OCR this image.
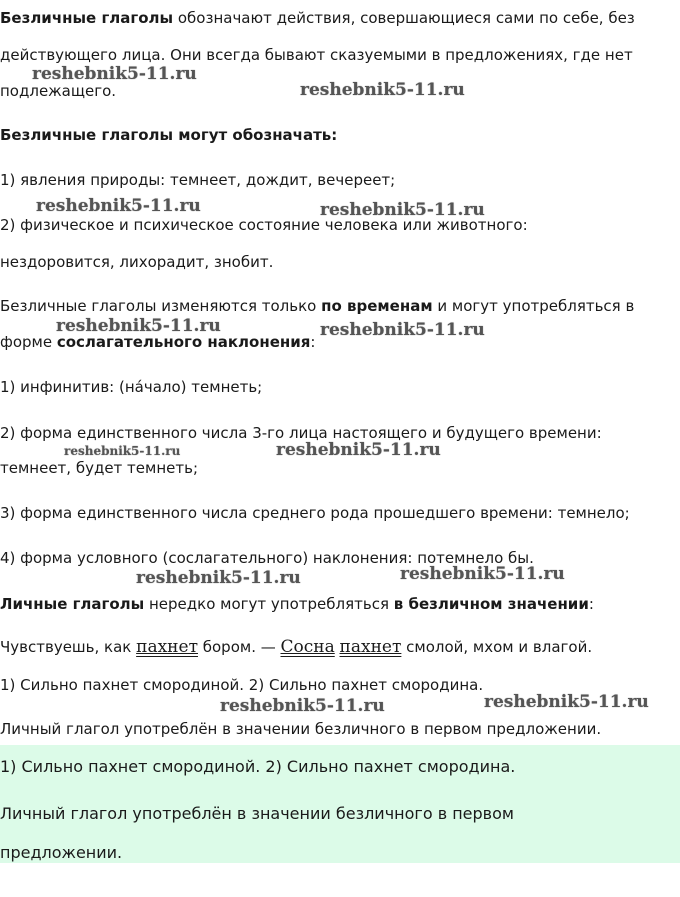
Безличные глаголы обозначают действия, совершающиеся сами по себе, без
действующего лица. Они всегда бывают сказуемыми в предложениях, где нет
подлежащего.
Безличные глаголы могут обозначать:
1) явления природы: темнеет, дождит, вечереет;
2) физическое и психическое состояние человека или животного:
нездоровится, лихорадит, знобит.
Безличные глаголы изменяются только по временам и могут употребляться в
форме сослагательного наклонения:
1) инфинитив: (на́чало) темнеть;
2) форма единственного числа 3-го лица настоящего и будущего времени:
темнеет, будет темнеть;
3) форма единственного числа среднего рода прошедшего времени: темнело;
4) форма условного (сослагательного) наклонения: потемнело бы.
Личные глаголы нередко могут употребляться в безличном значении:
Чувствуешь, как пахнет бором. — Сосна пахнет смолой, мхом и влагой.
1) Сильно пахнет смородиной. 2) Сильно пахнет смородина.
Личный глагол употреблён в значении безличного в первом предложении.
1) Сильно пахнет смородиной. 2) Сильно пахнет смородина.
Личный глагол употреблён в значении безличного в первом
предложении.
reshebnik5-11.ru
reshebnik5-11.ru
reshebnik5-11.ru	reshebnik5-11.ru
reshebnik5-11.ru	reshebnik5-11.ru
reshebnik5-11.ru	reshebnik5-11.ru
reshebnik5-11.ru	reshebnik5-11.ru
reshebnik5-11.ru	reshebnik5-11.ru
